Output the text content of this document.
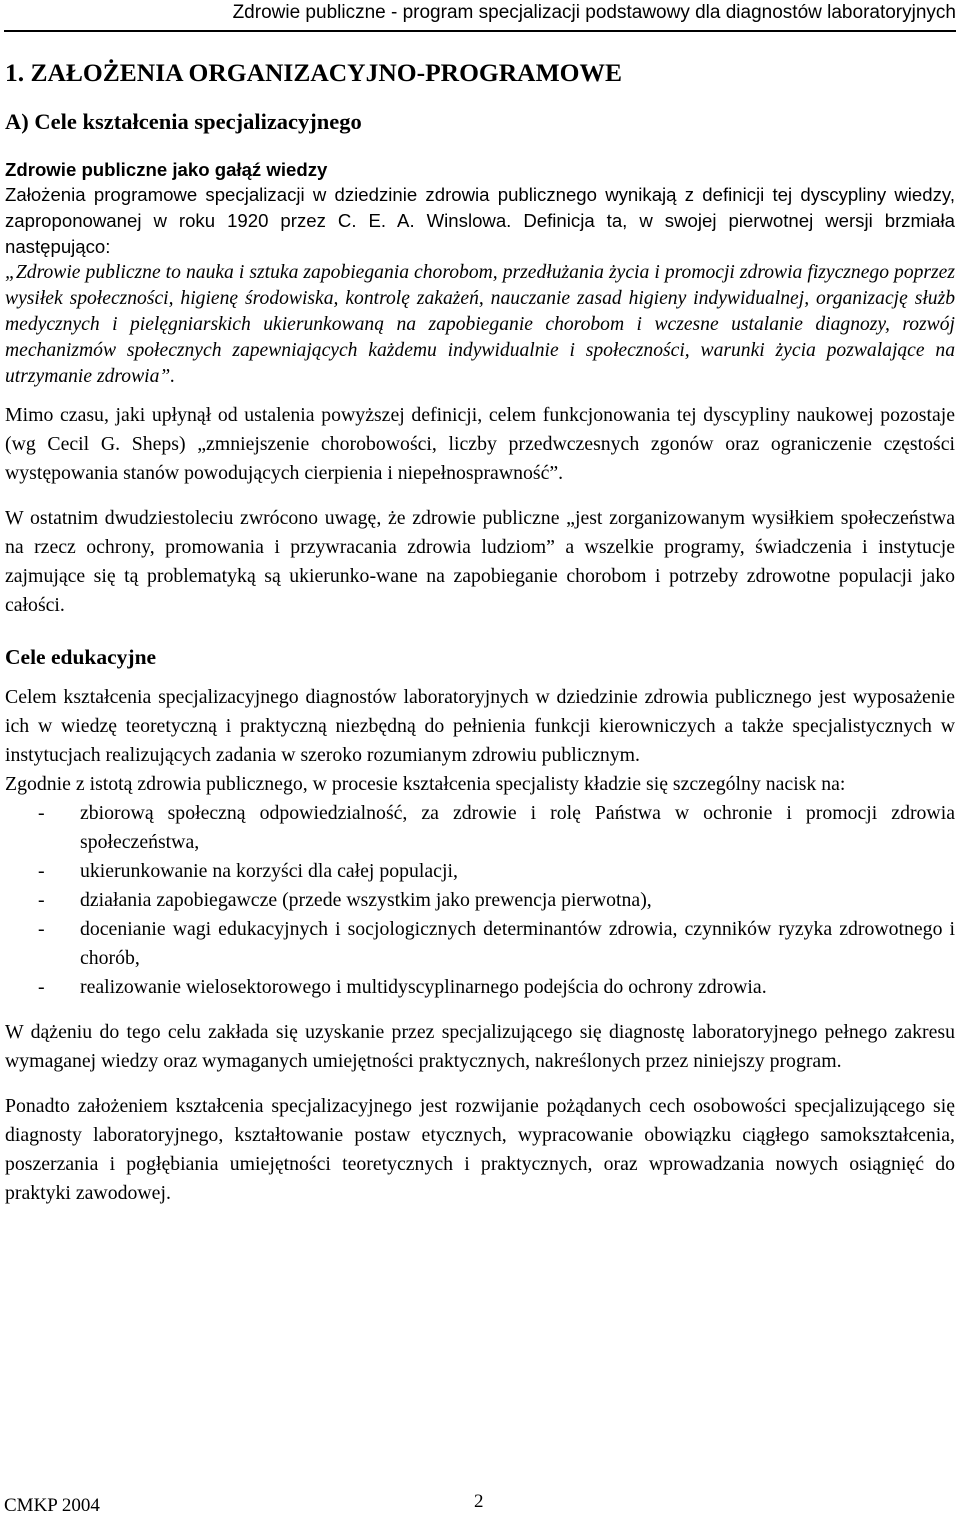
Zdrowie publiczne - program specjalizacji podstawowy dla diagnostów laboratoryjnych
1. ZAŁOŻENIA ORGANIZACYJNO-PROGRAMOWE
A) Cele kształcenia specjalizacyjnego
Zdrowie publiczne jako gałąź wiedzy

Założenia programowe specjalizacji w dziedzinie zdrowia publicznego wynikają z definicji tej dyscypliny wiedzy, zaproponowanej w roku 1920 przez C. E. A. Winslowa. Definicja ta, w swojej pierwotnej wersji brzmiała następująco:

„Zdrowie publiczne to nauka i sztuka zapobiegania chorobom, przedłużania życia i promocji zdrowia fizycznego poprzez wysiłek społeczności, higienę środowiska, kontrolę zakażeń, nauczanie zasad higieny indywidualnej, organizację służb medycznych i pielęgniarskich ukierunkowaną na zapobieganie chorobom i wczesne ustalanie diagnozy, rozwój mechanizmów społecznych zapewniających każdemu indywidualnie i społeczności, warunki życia pozwalające na utrzymanie zdrowia”.

Mimo czasu, jaki upłynął od ustalenia powyższej definicji, celem funkcjonowania tej dyscypliny naukowej pozostaje (wg Cecil G. Sheps) „zmniejszenie chorobowości, liczby przedwczesnych zgonów oraz ograniczenie częstości występowania stanów powodujących cierpienia i niepełnosprawność”.

W ostatnim dwudziestoleciu zwrócono uwagę, że zdrowie publiczne „jest zorganizowanym wysiłkiem społeczeństwa na rzecz ochrony, promowania i przywracania zdrowia ludziom” a wszelkie programy, świadczenia i instytucje zajmujące się tą problematyką są ukierunko-wane na zapobieganie chorobom i potrzeby zdrowotne populacji jako całości.

Cele edukacyjne

Celem kształcenia specjalizacyjnego diagnostów laboratoryjnych w dziedzinie zdrowia publicznego jest wyposażenie ich w wiedzę teoretyczną i praktyczną niezbędną do pełnienia funkcji kierowniczych a także specjalistycznych w instytucjach realizujących zadania w szeroko rozumianym zdrowiu publicznym.

Zgodnie z istotą zdrowia publicznego, w procesie kształcenia specjalisty kładzie się szczególny nacisk na:

- zbiorową społeczną odpowiedzialność, za zdrowie i rolę Państwa w ochronie i promocji zdrowia społeczeństwa,
- ukierunkowanie na korzyści dla całej populacji,
- działania zapobiegawcze (przede wszystkim jako prewencja pierwotna),
- docenianie wagi edukacyjnych i socjologicznych determinantów zdrowia, czynników ryzyka zdrowotnego i chorób,
- realizowanie wielosektorowego i multidyscyplinarnego podejścia do ochrony zdrowia.

W dążeniu do tego celu zakłada się uzyskanie przez specjalizującego się diagnostę laboratoryjnego pełnego zakresu wymaganej wiedzy oraz wymaganych umiejętności praktycznych, nakreślonych przez niniejszy program.

Ponadto założeniem kształcenia specjalizacyjnego jest rozwijanie pożądanych cech osobowości specjalizującego się diagnosty laboratoryjnego, kształtowanie postaw etycznych, wypracowanie obowiązku ciągłego samokształcenia, poszerzania i pogłębiania umiejętności teoretycznych i praktycznych, oraz wprowadzania nowych osiągnięć do praktyki zawodowej.

CMKP 2004	2
